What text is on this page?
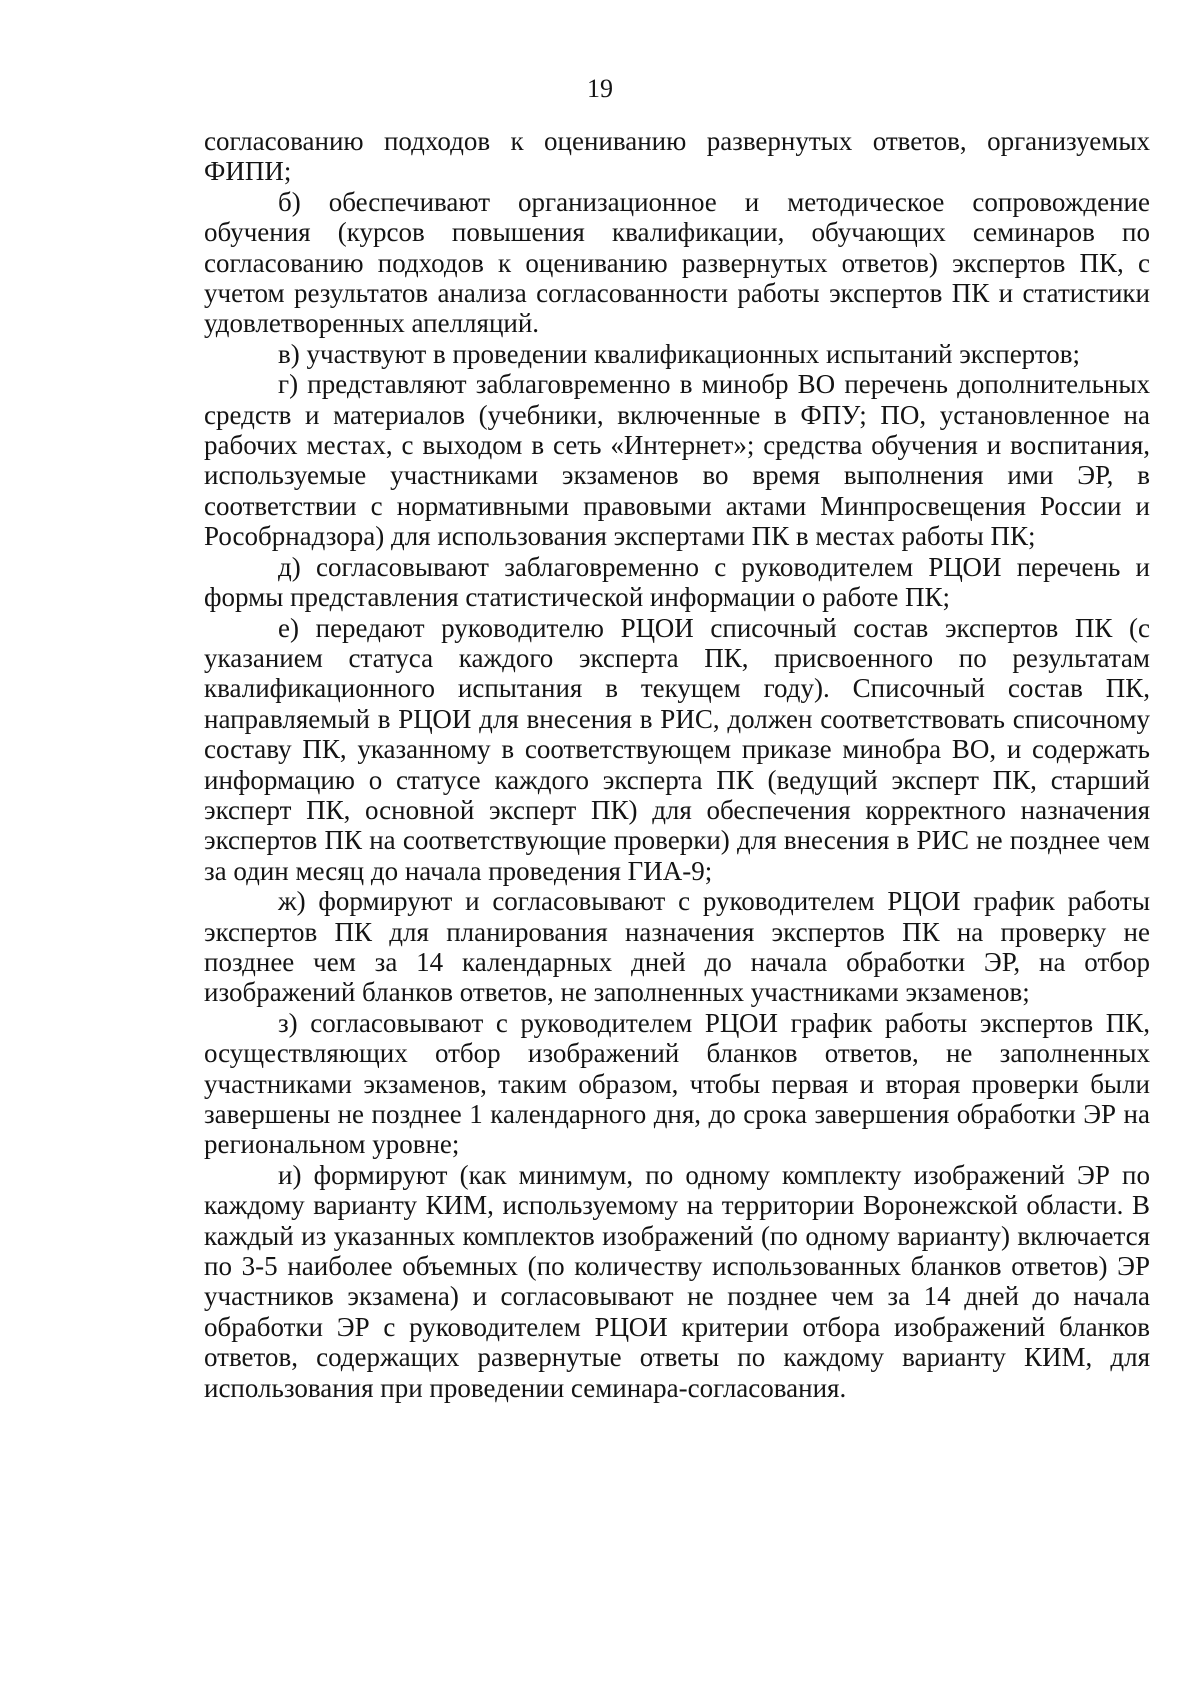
19

согласованию подходов к оцениванию развернутых ответов, организуемых ФИПИ;

б) обеспечивают организационное и методическое сопровождение обучения (курсов повышения квалификации, обучающих семинаров по согласованию подходов к оцениванию развернутых ответов) экспертов ПК, с учетом результатов анализа согласованности работы экспертов ПК и статистики удовлетворенных апелляций.

в) участвуют в проведении квалификационных испытаний экспертов;

г) представляют заблаговременно в минобр ВО перечень дополнительных средств и материалов (учебники, включенные в ФПУ; ПО, установленное на рабочих местах, с выходом в сеть «Интернет»; средства обучения и воспитания, используемые участниками экзаменов во время выполнения ими ЭР, в соответствии с нормативными правовыми актами Минпросвещения России и Рособрнадзора) для использования экспертами ПК в местах работы ПК;

д) согласовывают заблаговременно с руководителем РЦОИ перечень и формы представления статистической информации о работе ПК;

е) передают руководителю РЦОИ списочный состав экспертов ПК (с указанием статуса каждого эксперта ПК, присвоенного по результатам квалификационного испытания в текущем году). Списочный состав ПК, направляемый в РЦОИ для внесения в РИС, должен соответствовать списочному составу ПК, указанному в соответствующем приказе минобра ВО, и содержать информацию о статусе каждого эксперта ПК (ведущий эксперт ПК, старший эксперт ПК, основной эксперт ПК) для обеспечения корректного назначения экспертов ПК на соответствующие проверки) для внесения в РИС не позднее чем за один месяц до начала проведения ГИА-9;

ж) формируют и согласовывают с руководителем РЦОИ график работы экспертов ПК для планирования назначения экспертов ПК на проверку не позднее чем за 14 календарных дней до начала обработки ЭР, на отбор изображений бланков ответов, не заполненных участниками экзаменов;

з) согласовывают с руководителем РЦОИ график работы экспертов ПК, осуществляющих отбор изображений бланков ответов, не заполненных участниками экзаменов, таким образом, чтобы первая и вторая проверки были завершены не позднее 1 календарного дня, до срока завершения обработки ЭР на региональном уровне;

и) формируют (как минимум, по одному комплекту изображений ЭР по каждому варианту КИМ, используемому на территории Воронежской области. В каждый из указанных комплектов изображений (по одному варианту) включается по 3-5 наиболее объемных (по количеству использованных бланков ответов) ЭР участников экзамена) и согласовывают не позднее чем за 14 дней до начала обработки ЭР с руководителем РЦОИ критерии отбора изображений бланков ответов, содержащих развернутые ответы по каждому варианту КИМ, для использования при проведении семинара-согласования.
